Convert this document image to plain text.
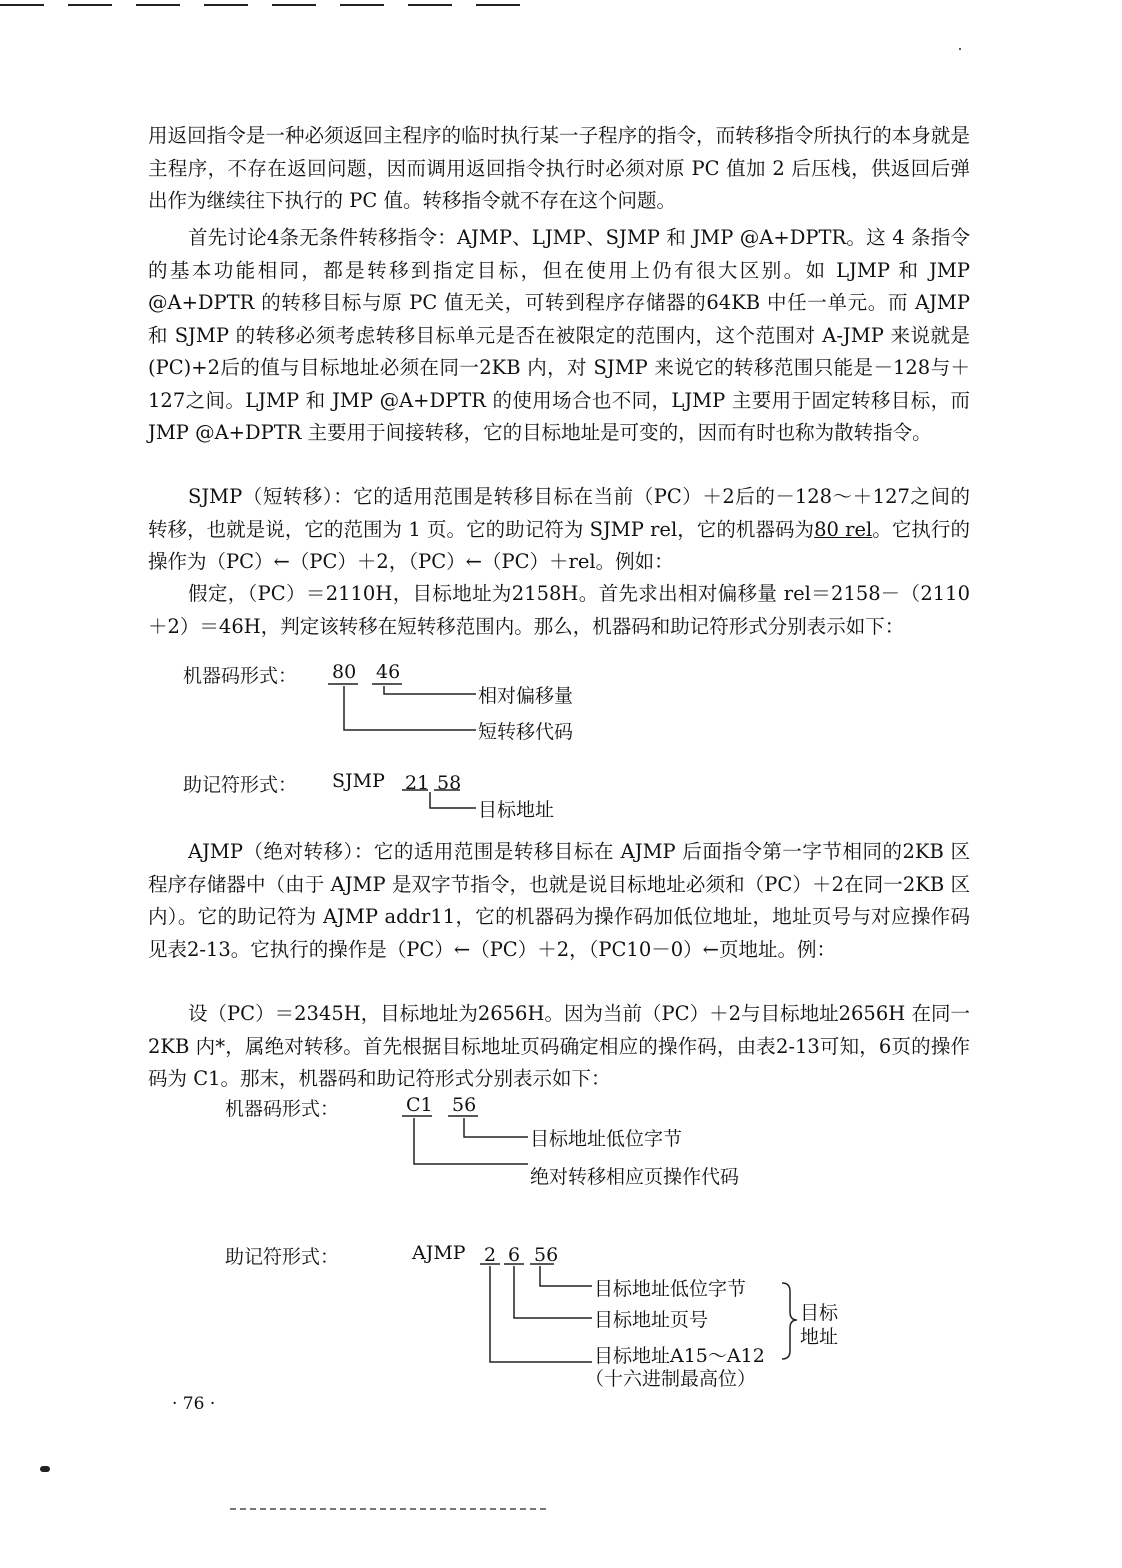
用返回指令是一种必须返回主程序的临时执行某一子程序的指令，而转移指令所执行的本身就是主程序，不存在返回问题，因而调用返回指令执行时必须对原 PC 值加 2 后压栈，供返回后弹出作为继续往下执行的 PC 值。转移指令就不存在这个问题。

首先讨论4条无条件转移指令：AJMP、LJMP、SJMP 和 JMP @A+DPTR。这 4 条指令的基本功能相同，都是转移到指定目标，但在使用上仍有很大区别。如 LJMP 和 JMP @A+DPTR 的转移目标与原 PC 值无关，可转到程序存储器的64KB 中任一单元。而 AJMP 和 SJMP 的转移必须考虑转移目标单元是否在被限定的范围内，这个范围对 A-JMP 来说就是 (PC)+2后的值与目标地址必须在同一2KB 内，对 SJMP 来说它的转移范围只能是－128与＋127之间。LJMP 和 JMP @A+DPTR 的使用场合也不同，LJMP 主要用于固定转移目标，而 JMP @A+DPTR 主要用于间接转移，它的目标地址是可变的，因而有时也称为散转指令。

SJMP（短转移）：它的适用范围是转移目标在当前（PC）＋2后的－128～＋127之间的转移，也就是说，它的范围为 1 页。它的助记符为 SJMP rel，它的机器码为80 rel。它执行的操作为（PC）←（PC）＋2，（PC）←（PC）＋rel。例如：

假定，（PC）＝2110H，目标地址为2158H。首先求出相对偏移量 rel＝2158－（2110＋2）＝46H，判定该转移在短转移范围内。那么，机器码和助记符形式分别表示如下：

机器码形式： 80 46
相对偏移量
短转移代码
助记符形式： SJMP 21 58
目标地址

AJMP（绝对转移）：它的适用范围是转移目标在 AJMP 后面指令第一字节相同的2KB 区程序存储器中（由于 AJMP 是双字节指令，也就是说目标地址必须和（PC）＋2在同一2KB 区内）。它的助记符为 AJMP addr11，它的机器码为操作码加低位地址，地址页号与对应操作码见表2-13。它执行的操作是（PC）←（PC）＋2，（PC10－0）←页地址。例：

设（PC）＝2345H，目标地址为2656H。因为当前（PC）＋2与目标地址2656H 在同一2KB 内*，属绝对转移。首先根据目标地址页码确定相应的操作码，由表2-13可知，6页的操作码为 C1。那末，机器码和助记符形式分别表示如下：

机器码形式：	C1 56
目标地址低位字节
绝对转移相应页操作代码
助记符形式：	AJMP 2 6 56
目标地址低位字节
目标地址页号
目标地址A15～A12
（十六进制最高位）
目标
地址
· 76 ·
